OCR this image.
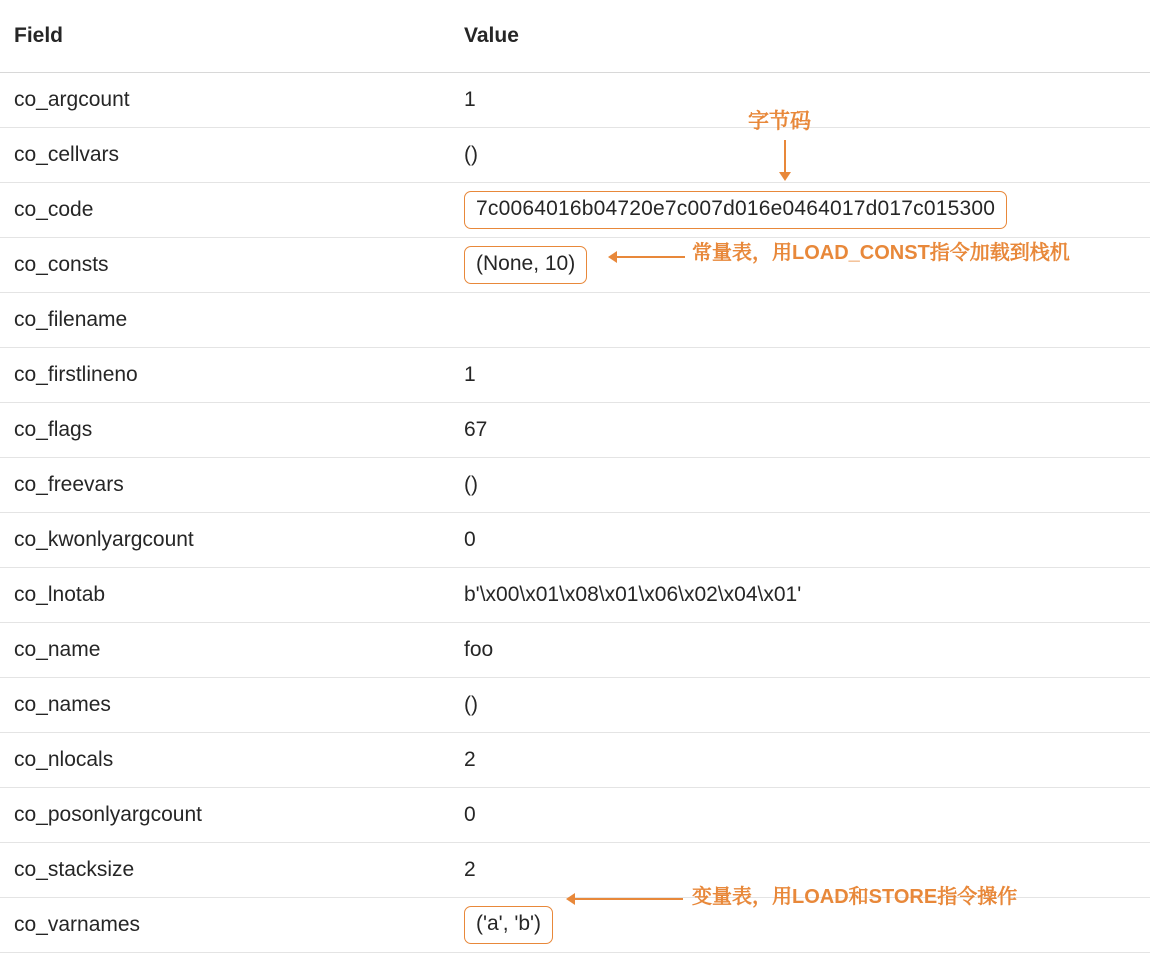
Field	Value
co_argcount	1
co_cellvars	()
co_code	7c0064016b04720e7c007d016e0464017d017c015300
co_consts	(None, 10)
co_filename	
co_firstlineno	1
co_flags	67
co_freevars	()
co_kwonlyargcount	0
co_lnotab	b'\x00\x01\x08\x01\x06\x02\x04\x01'
co_name	foo
co_names	()
co_nlocals	2
co_posonlyargcount	0
co_stacksize	2
co_varnames	('a', 'b')
字节码
常量表，用LOAD_CONST指令加载到栈机
变量表，用LOAD和STORE指令操作
